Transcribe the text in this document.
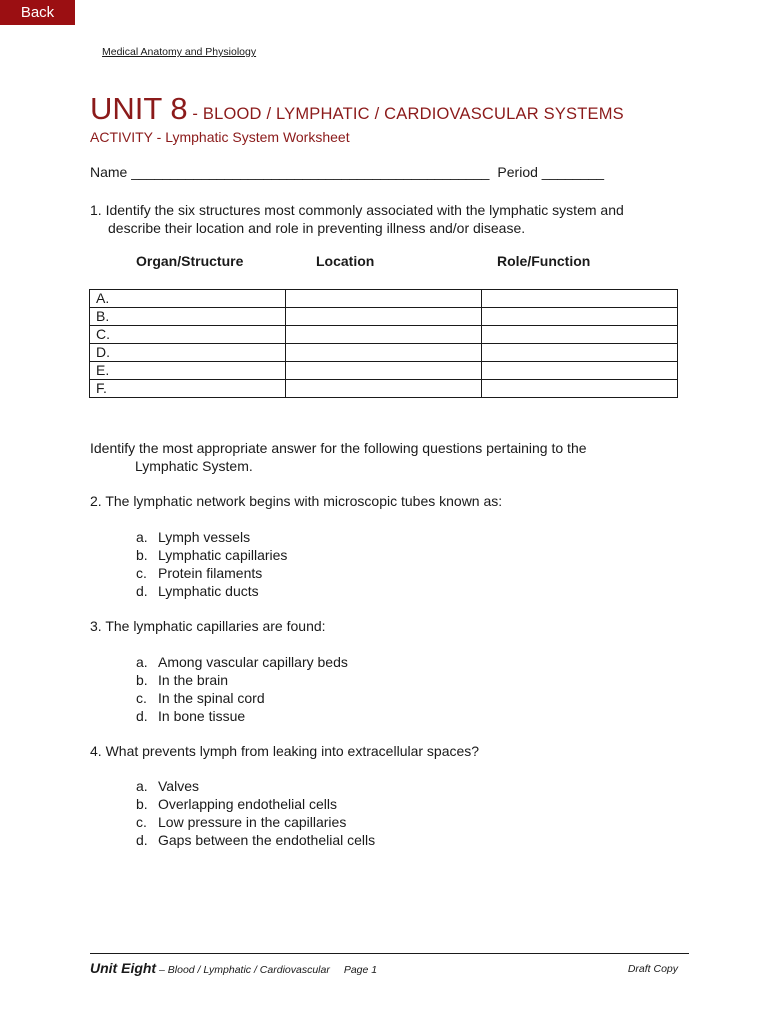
Back
Medical Anatomy and Physiology
UNIT 8 - BLOOD / LYMPHATIC / CARDIOVASCULAR SYSTEMS
ACTIVITY - Lymphatic System Worksheet
Name ______________________________________________ Period ________
1. Identify the six structures most commonly associated with the lymphatic system and
describe their location and role in preventing illness and/or disease.
Organ/Structure	Location	Role/Function
A.		
B.		
C.		
D.		
E.		
F.		
Identify the most appropriate answer for the following questions pertaining to the
Lymphatic System.
2. The lymphatic network begins with microscopic tubes known as:
a. Lymph vessels
b. Lymphatic capillaries
c. Protein filaments
d. Lymphatic ducts
3. The lymphatic capillaries are found:
a. Among vascular capillary beds
b. In the brain
c. In the spinal cord
d. In bone tissue
4. What prevents lymph from leaking into extracellular spaces?
a. Valves
b. Overlapping endothelial cells
c. Low pressure in the capillaries
d. Gaps between the endothelial cells
Unit Eight – Blood / Lymphatic / Cardiovascular Page 1	Draft Copy
